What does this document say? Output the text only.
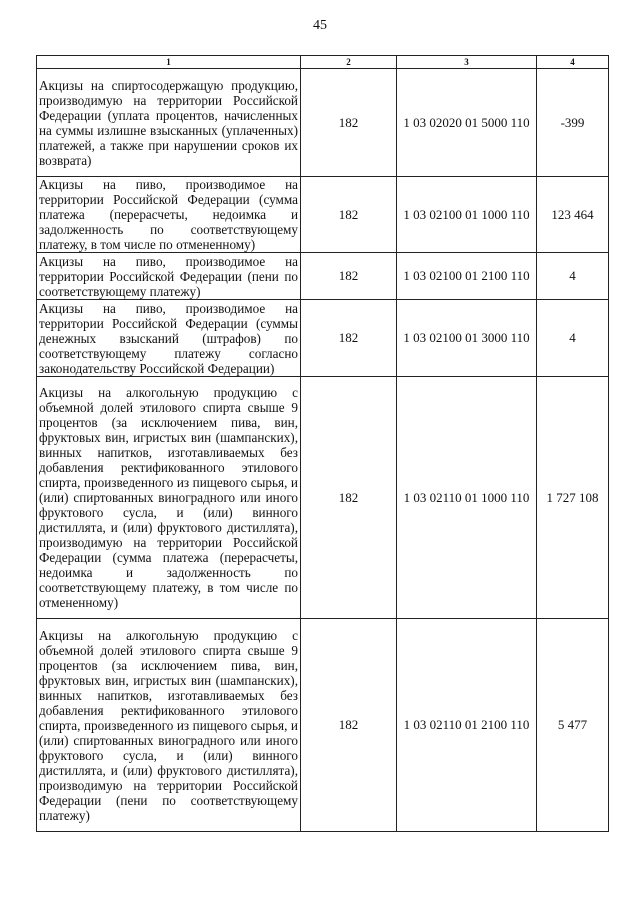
45
1	2	3	4
Акцизы на спиртосодержащую продукцию, производимую на территории Российской Федерации (уплата процентов, начисленных на суммы излишне взысканных (уплаченных) платежей, а также при нарушении сроков их возврата)	182	1 03 02020 01 5000 110	-399
Акцизы на пиво, производимое на территории Российской Федерации (сумма платежа (перерасчеты, недоимка и задолженность по соответствующему платежу, в том числе по отмененному)	182	1 03 02100 01 1000 110	123 464
Акцизы на пиво, производимое на территории Российской Федерации (пени по соответствующему платежу)	182	1 03 02100 01 2100 110	4
Акцизы на пиво, производимое на территории Российской Федерации (суммы денежных взысканий (штрафов) по соответствующему платежу согласно законодательству Российской Федерации)	182	1 03 02100 01 3000 110	4
Акцизы на алкогольную продукцию с объемной долей этилового спирта свыше 9 процентов (за исключением пива, вин, фруктовых вин, игристых вин (шампанских), винных напитков, изготавливаемых без добавления ректификованного этилового спирта, произведенного из пищевого сырья, и (или) спиртованных виноградного или иного фруктового сусла, и (или) винного дистиллята, и (или) фруктового дистиллята), производимую на территории Российской Федерации (сумма платежа (перерасчеты, недоимка и задолженность по соответствующему платежу, в том числе по отмененному)	182	1 03 02110 01 1000 110	1 727 108
Акцизы на алкогольную продукцию с объемной долей этилового спирта свыше 9 процентов (за исключением пива, вин, фруктовых вин, игристых вин (шампанских), винных напитков, изготавливаемых без добавления ректификованного этилового спирта, произведенного из пищевого сырья, и (или) спиртованных виноградного или иного фруктового сусла, и (или) винного дистиллята, и (или) фруктового дистиллята), производимую на территории Российской Федерации (пени по соответствующему платежу)	182	1 03 02110 01 2100 110	5 477
